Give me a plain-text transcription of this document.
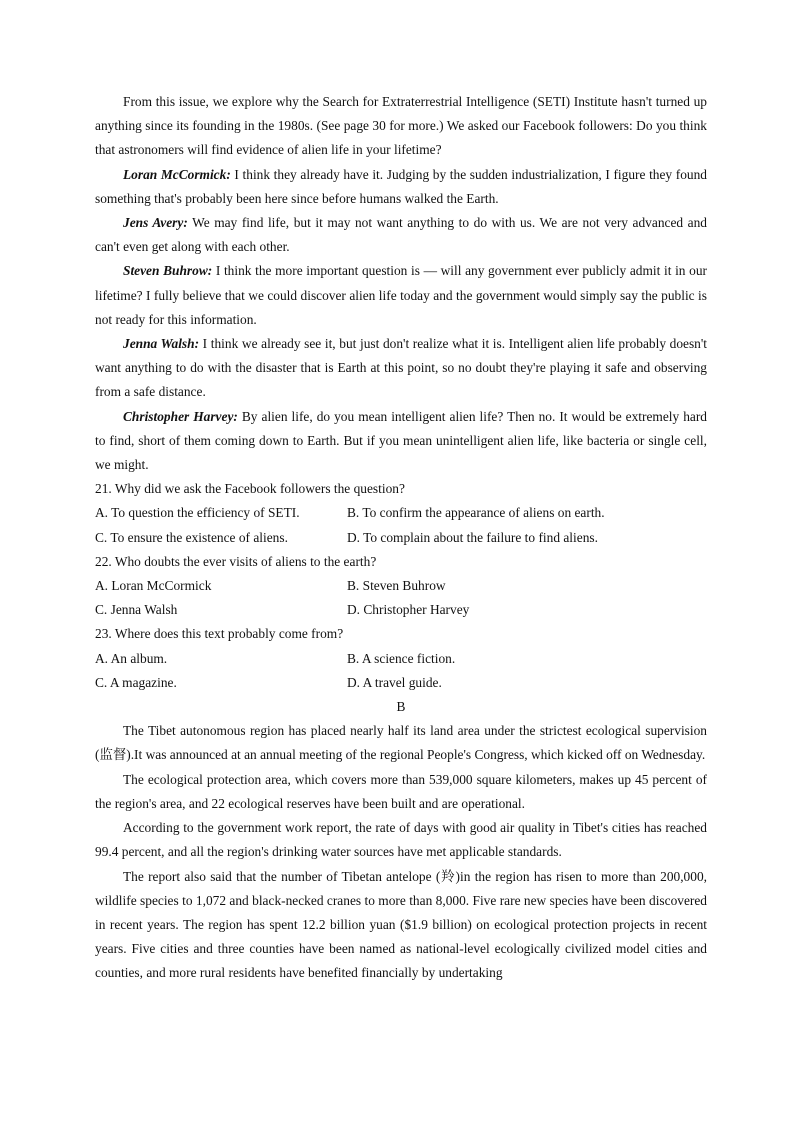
From this issue, we explore why the Search for Extraterrestrial Intelligence (SETI) Institute hasn't turned up anything since its founding in the 1980s. (See page 30 for more.) We asked our Facebook followers: Do you think that astronomers will find evidence of alien life in your lifetime?

Loran McCormick: I think they already have it. Judging by the sudden industrialization, I figure they found something that's probably been here since before humans walked the Earth.

Jens Avery: We may find life, but it may not want anything to do with us. We are not very advanced and can't even get along with each other.

Steven Buhrow: I think the more important question is — will any government ever publicly admit it in our lifetime? I fully believe that we could discover alien life today and the government would simply say the public is not ready for this information.

Jenna Walsh: I think we already see it, but just don't realize what it is. Intelligent alien life probably doesn't want anything to do with the disaster that is Earth at this point, so no doubt they're playing it safe and observing from a safe distance.

Christopher Harvey: By alien life, do you mean intelligent alien life? Then no. It would be extremely hard to find, short of them coming down to Earth. But if you mean unintelligent alien life, like bacteria or single cell, we might.

21. Why did we ask the Facebook followers the question?

A. To question the efficiency of SETI.	B. To confirm the appearance of aliens on earth.
C. To ensure the existence of aliens.	D. To complain about the failure to find aliens.

22. Who doubts the ever visits of aliens to the earth?

A. Loran McCormick	B. Steven Buhrow
C. Jenna Walsh	D. Christopher Harvey

23. Where does this text probably come from?

A. An album.	B. A science fiction.
C. A magazine.	D. A travel guide.

B

The Tibet autonomous region has placed nearly half its land area under the strictest ecological supervision (监督).It was announced at an annual meeting of the regional People's Congress, which kicked off on Wednesday.

The ecological protection area, which covers more than 539,000 square kilometers, makes up 45 percent of the region's area, and 22 ecological reserves have been built and are operational.

According to the government work report, the rate of days with good air quality in Tibet's cities has reached 99.4 percent, and all the region's drinking water sources have met applicable standards.

The report also said that the number of Tibetan antelope (羚)in the region has risen to more than 200,000, wildlife species to 1,072 and black-necked cranes to more than 8,000. Five rare new species have been discovered in recent years. The region has spent 12.2 billion yuan ($1.9 billion) on ecological protection projects in recent years. Five cities and three counties have been named as national-level ecologically civilized model cities and counties, and more rural residents have benefited financially by undertaking
